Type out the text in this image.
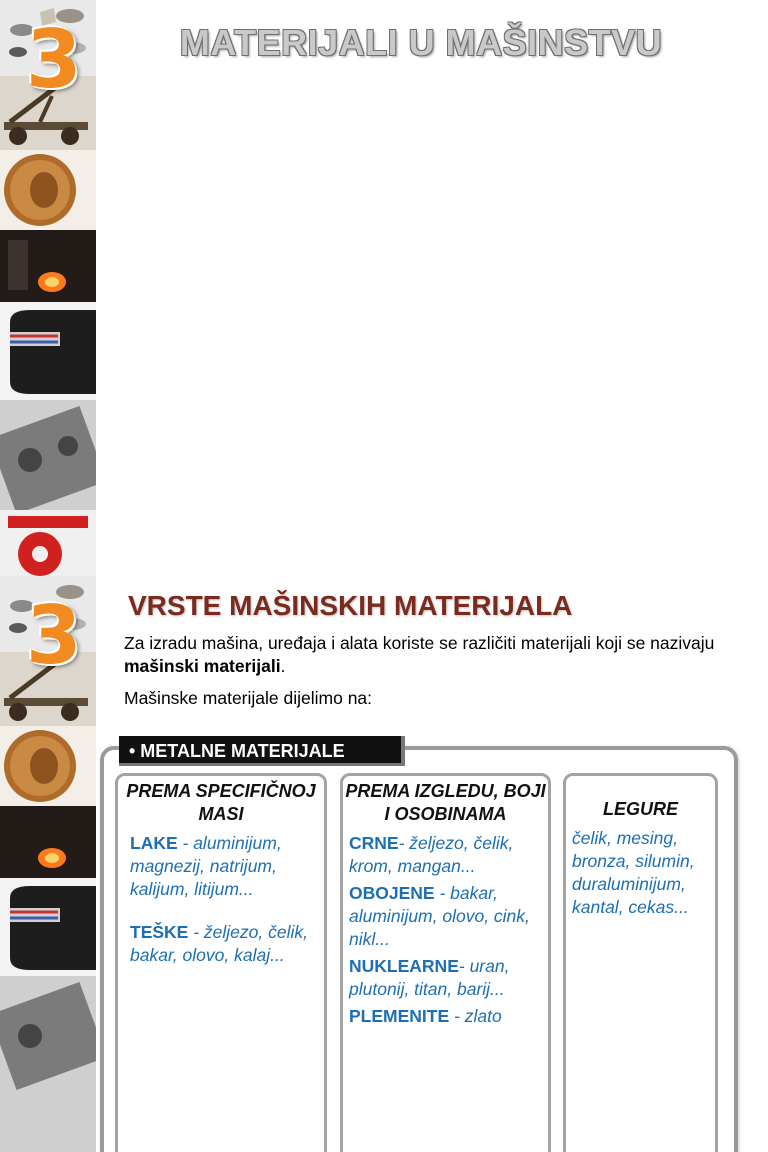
3	MATERIJALI U MAŠINSTVU
3 VRSTE MAŠINSKIH MATERIJALA
Za izradu mašina, uređaja i alata koriste se različiti materijali koji se nazivaju mašinski materijali.
Mašinske materijale dijelimo na:
• METALNE MATERIJALE
PREMA SPECIFIČNOJ MASI
LAKE - aluminijum, magnezij, natrijum, kalijum, litijum...
TEŠKE - željezo, čelik, bakar, olovo, kalaj...
PREMA IZGLEDU, BOJI I OSOBINAMA
CRNE- željezo, čelik, krom, mangan...
OBOJENE - bakar, aluminijum, olovo, cink, nikl...
NUKLEARNE- uran, plutonij, titan, barij...
PLEMENITE - zlato
LEGURE
čelik, mesing, bronza, silumin, duraluminijum, kantal, cekas...
